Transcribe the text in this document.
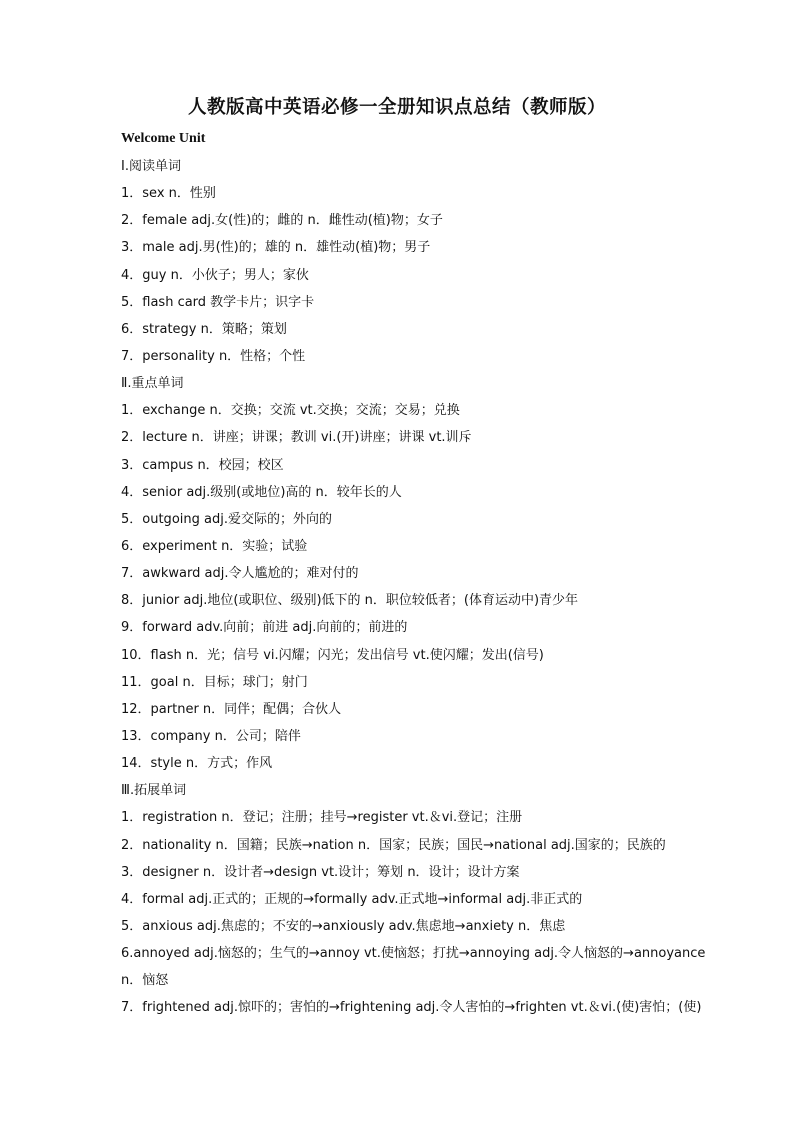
人教版高中英语必修一全册知识点总结（教师版）
Welcome Unit
Ⅰ.阅读单词
1．sex n．性别
2．female adj.女(性)的；雌的 n．雌性动(植)物；女子
3．male adj.男(性)的；雄的 n．雄性动(植)物；男子
4．guy n．小伙子；男人；家伙
5．flash card 教学卡片；识字卡
6．strategy n．策略；策划
7．personality n．性格；个性
Ⅱ.重点单词
1．exchange n．交换；交流 vt.交换；交流；交易；兑换
2．lecture n．讲座；讲课；教训 vi.(开)讲座；讲课 vt.训斥
3．campus n．校园；校区
4．senior adj.级别(或地位)高的 n．较年长的人
5．outgoing adj.爱交际的；外向的
6．experiment n．实验；试验
7．awkward adj.令人尴尬的；难对付的
8．junior adj.地位(或职位、级别)低下的 n．职位较低者；(体育运动中)青少年
9．forward adv.向前；前进 adj.向前的；前进的
10．flash n．光；信号 vi.闪耀；闪光；发出信号 vt.使闪耀；发出(信号)
11．goal n．目标；球门；射门
12．partner n．同伴；配偶；合伙人
13．company n．公司；陪伴
14．style n．方式；作风
Ⅲ.拓展单词
1．registration n．登记；注册；挂号→register vt.＆vi.登记；注册
2．nationality n．国籍；民族→nation n．国家；民族；国民→national adj.国家的；民族的
3．designer n．设计者→design vt.设计；筹划 n．设计；设计方案
4．formal adj.正式的；正规的→formally adv.正式地→informal adj.非正式的
5．anxious adj.焦虑的；不安的→anxiously adv.焦虑地→anxiety n．焦虑
6.annoyed adj.恼怒的；生气的→annoy vt.使恼怒；打扰→annoying adj.令人恼怒的→annoyance
n．恼怒
7．frightened adj.惊吓的；害怕的→frightening adj.令人害怕的→frighten vt.＆vi.(使)害怕；(使)
